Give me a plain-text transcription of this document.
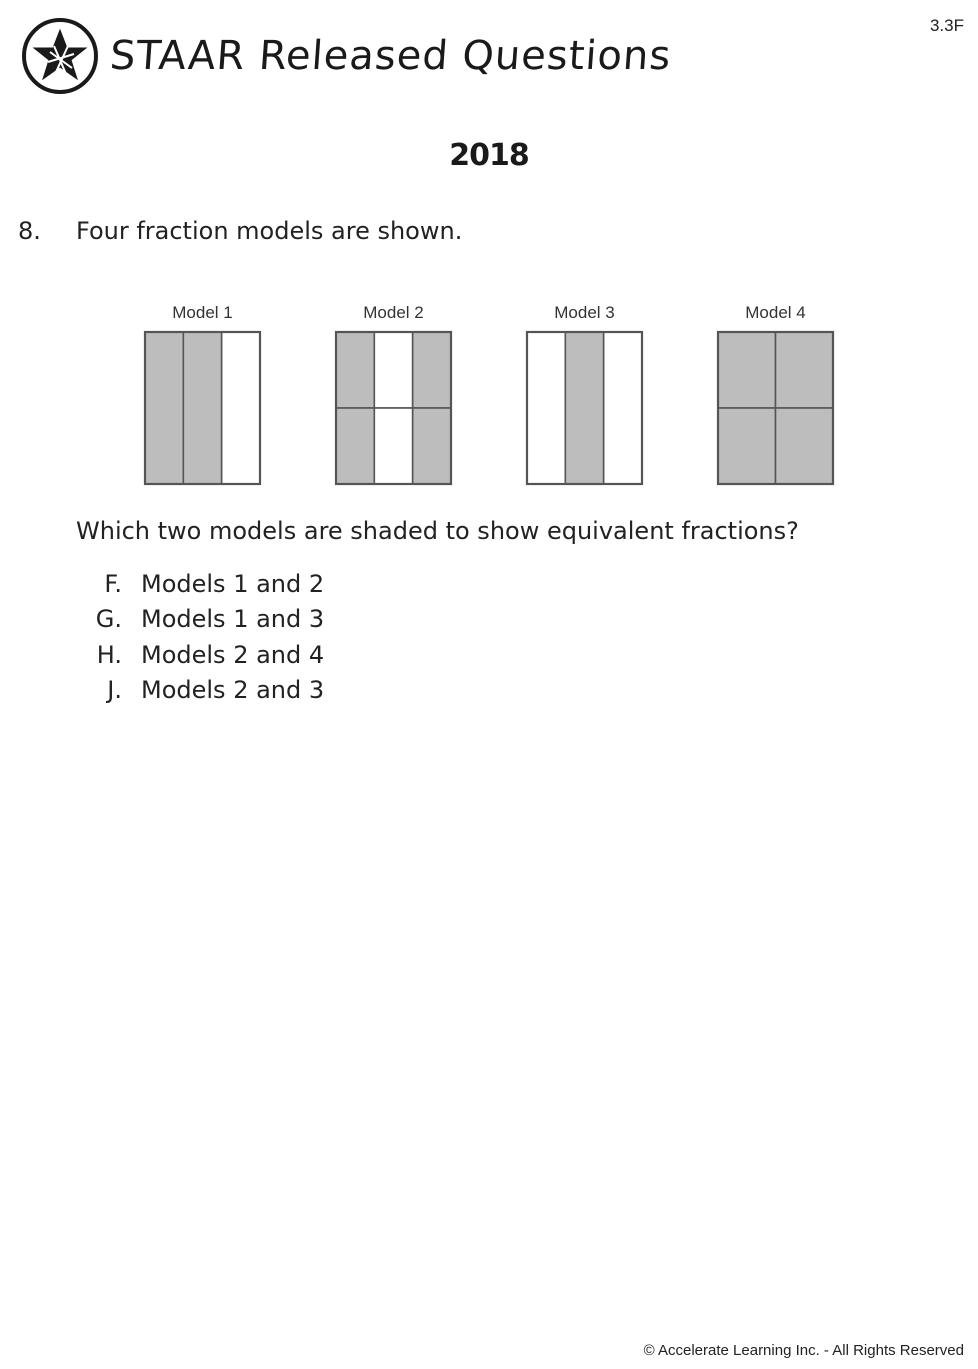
3.3F
STAAR Released Questions
2018
8.	Four fraction models are shown.
Model 1	Model 2	Model 3	Model 4
Which two models are shaded to show equivalent fractions?
F. Models 1 and 2
G. Models 1 and 3
H. Models 2 and 4
J. Models 2 and 3
© Accelerate Learning Inc. - All Rights Reserved
